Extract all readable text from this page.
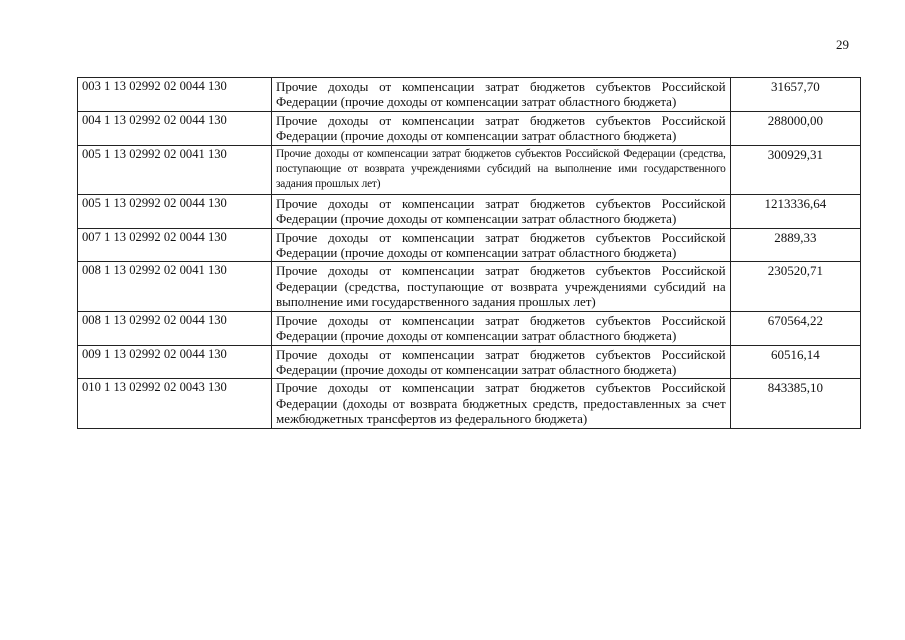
29
003 1 13 02992 02 0044 130	Прочие доходы от компенсации затрат бюджетов субъектов Российской Федерации (прочие доходы от компенсации затрат областного бюджета)	31657,70
004 1 13 02992 02 0044 130	Прочие доходы от компенсации затрат бюджетов субъектов Российской Федерации (прочие доходы от компенсации затрат областного бюджета)	288000,00
005 1 13 02992 02 0041 130	Прочие доходы от компенсации затрат бюджетов субъектов Российской Федерации (средства, поступающие от возврата учреждениями субсидий на выполнение ими государственного задания прошлых лет)	300929,31
005 1 13 02992 02 0044 130	Прочие доходы от компенсации затрат бюджетов субъектов Российской Федерации (прочие доходы от компенсации затрат областного бюджета)	1213336,64
007 1 13 02992 02 0044 130	Прочие доходы от компенсации затрат бюджетов субъектов Российской Федерации (прочие доходы от компенсации затрат областного бюджета)	2889,33
008 1 13 02992 02 0041 130	Прочие доходы от компенсации затрат бюджетов субъектов Российской Федерации (средства, поступающие от возврата учреждениями субсидий на выполнение ими государственного задания прошлых лет)	230520,71
008 1 13 02992 02 0044 130	Прочие доходы от компенсации затрат бюджетов субъектов Российской Федерации (прочие доходы от компенсации затрат областного бюджета)	670564,22
009 1 13 02992 02 0044 130	Прочие доходы от компенсации затрат бюджетов субъектов Российской Федерации (прочие доходы от компенсации затрат областного бюджета)	60516,14
010 1 13 02992 02 0043 130	Прочие доходы от компенсации затрат бюджетов субъектов Российской Федерации (доходы от возврата бюджетных средств, предоставленных за счет межбюджетных трансфертов из федерального бюджета)	843385,10
